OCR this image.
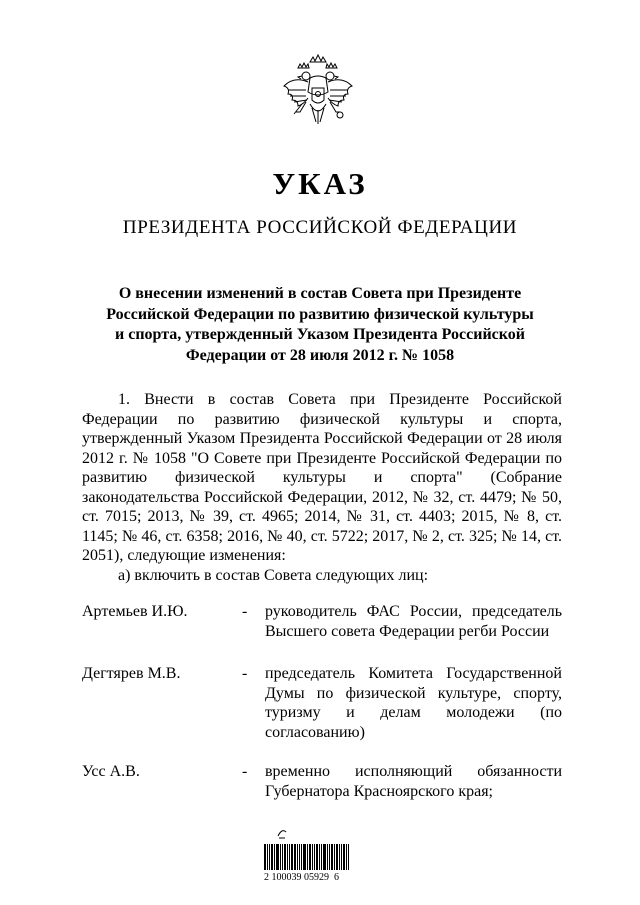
УКАЗ
ПРЕЗИДЕНТА РОССИЙСКОЙ ФЕДЕРАЦИИ
О внесении изменений в состав Совета при Президенте Российской Федерации по развитию физической культуры и спорта, утвержденный Указом Президента Российской Федерации от 28 июля 2012 г. № 1058

1. Внести в состав Совета при Президенте Российской Федерации по развитию физической культуры и спорта, утвержденный Указом Президента Российской Федерации от 28 июля 2012 г. № 1058 "О Совете при Президенте Российской Федерации по развитию физической культуры и спорта" (Собрание законодательства Российской Федерации, 2012, № 32, ст. 4479; № 50, ст. 7015; 2013, № 39, ст. 4965; 2014, № 31, ст. 4403; 2015, № 8, ст. 1145; № 46, ст. 6358; 2016, № 40, ст. 5722; 2017, № 2, ст. 325; № 14, ст. 2051), следующие изменения:

а) включить в состав Совета следующих лиц:

Артемьев И.Ю.	- руководитель ФАС России, председатель Высшего совета Федерации регби России
Дегтярев М.В.	- председатель Комитета Государственной Думы по физической культуре, спорту, туризму и делам молодежи (по согласованию)
Усс А.В.	- временно исполняющий обязанности Губернатора Красноярского края;
2 100039 05929  6
